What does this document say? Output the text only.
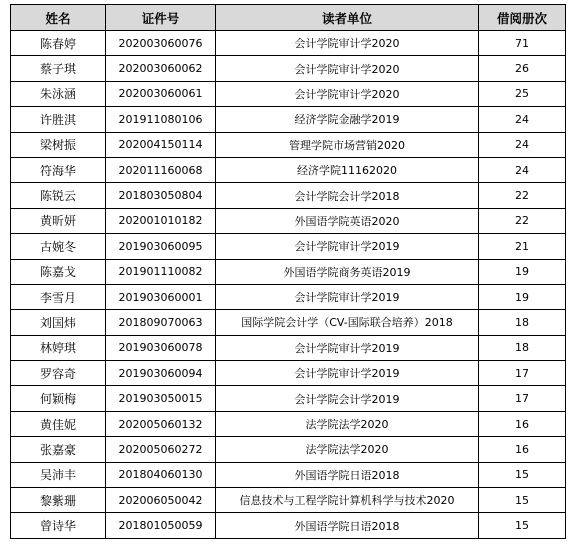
姓名	证件号	读者单位	借阅册次
陈春婷	202003060076	会计学院审计学2020	71
蔡子琪	202003060062	会计学院审计学2020	26
朱泳涵	202003060061	会计学院审计学2020	25
许胜淇	201911080106	经济学院金融学2019	24
梁树振	202004150114	管理学院市场营销2020	24
符海华	202011160068	经济学院11162020	24
陈锐云	201803050804	会计学院会计学2018	22
黄昕妍	202001010182	外国语学院英语2020	22
古婉冬	201903060095	会计学院审计学2019	21
陈嘉戈	201901110082	外国语学院商务英语2019	19
李雪月	201903060001	会计学院审计学2019	19
刘国炜	201809070063	国际学院会计学（CV-国际联合培养）2018	18
林婷琪	201903060078	会计学院审计学2019	18
罗容奇	201903060094	会计学院审计学2019	17
何颖梅	201903050015	会计学院会计学2019	17
黄佳妮	202005060132	法学院法学2020	16
张嘉豪	202005060272	法学院法学2020	16
吴沛丰	201804060130	外国语学院日语2018	15
黎紫珊	202006050042	信息技术与工程学院计算机科学与技术2020	15
曾诗华	201801050059	外国语学院日语2018	15
